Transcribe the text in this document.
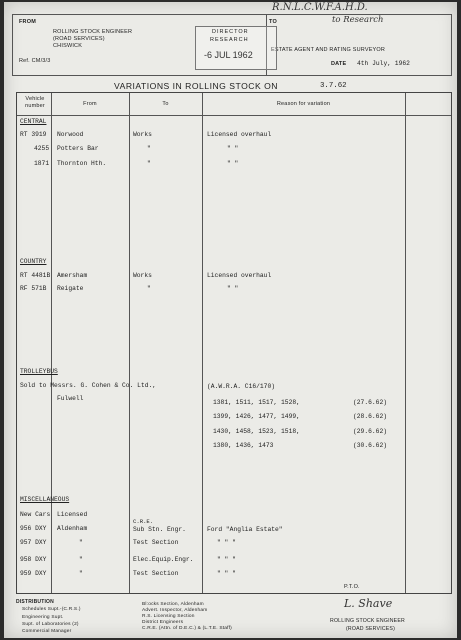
R.N.L.C.W.F.A.H.D.
to Research
FROM
ROLLING STOCK ENGINEER
(ROAD SERVICES)
CHISWICK
Ref. CM/3/3
TO
ESTATE AGENT AND RATING SURVEYOR
DATE 4th July, 1962
DIRECTOR
RESEARCH
-6 JUL 1962
VARIATIONS IN ROLLING STOCK ON	3.7.62
Vehicle number	From	To	Reason for variation
CENTRAL
RT 3919 Norwood	Works	Licensed overhaul
4255 Potters Bar	"	" "
1871 Thornton Hth.	"	" "
COUNTRY
RT 4481B Amersham	Works	Licensed overhaul
RF 571B Reigate	"	" "
TROLLEYBUS
Sold to Messrs. G. Cohen & Co. Ltd.,
Fulwell
(A.W.R.A. C16/170)
1381, 1511, 1517, 1528,	(27.6.62)
1399, 1426, 1477, 1499,	(28.6.62)
1430, 1458, 1523, 1518,	(29.6.62)
1380, 1436, 1473	(30.6.62)
MISCELLANEOUS
New Cars Licensed
C.R.E.
956 DXY Aldenham	Sub Stn. Engr.	Ford "Anglia Estate"
957 DXY	"	Test Section	" " "
958 DXY	"	Elec.Equip.Engr.	" " "
959 DXY	"	Test Section	" " "
P.T.O.
DISTRIBUTION
Schedules Supt.-(C.R.S.)
Engineering Supt.
Supt. of Laboratories (2)
Commercial Manager
Bl:ocks Section, Aldenham
Advert. Inspector, Aldenham
R.S. Licensing Section
District Engineers
C.R.E. (Attn. of D.E.C.) & (L.T.E. Staff)
L. Shave
ROLLING STOCK ENGINEER
(ROAD SERVICES)
